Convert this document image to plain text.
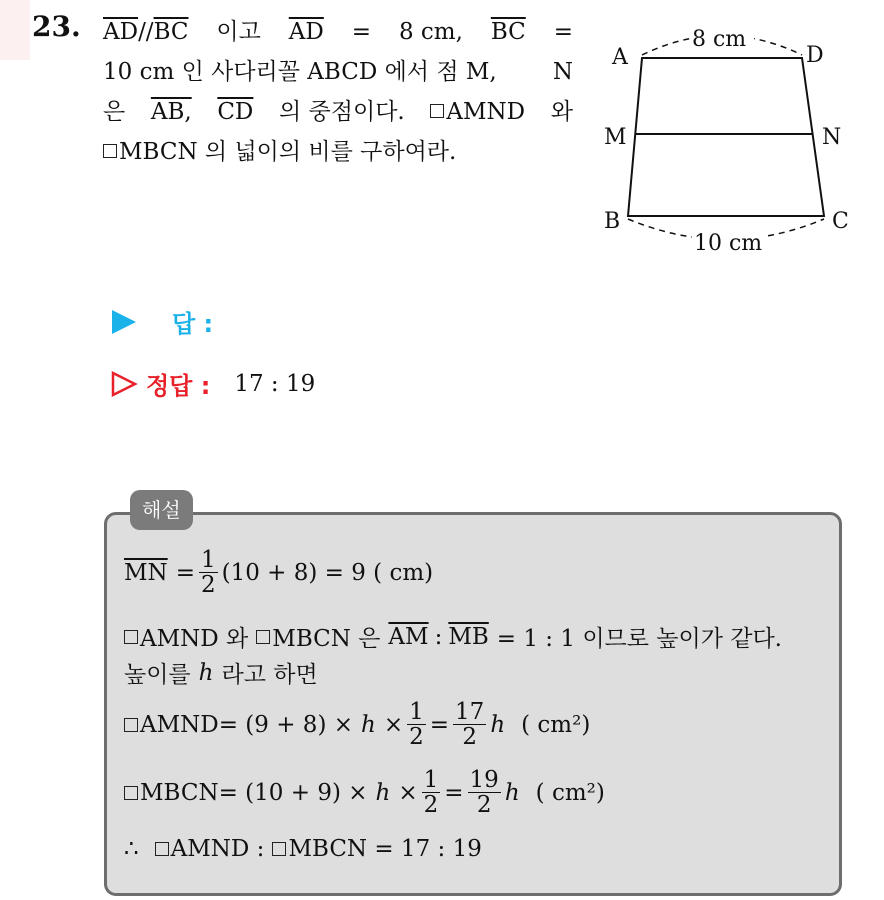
23. $\overline{AD}//\overline{BC}$ 이고 $\overline{AD} = 8$ cm, $\overline{BC}$ =
10 cm 인 사다리꼴 ABCD 에서 점 M, N
은 AB, $\overline{CD}$ 의 중점이다.	AMND 와
MBCN 의 넓이의 비를 구하여라.
8 cm
10 cm
A	D
M	N
B	C
답 :
정답 : 17 : 19
해설
$\overline{MN} = \frac{1}{2} (10 + 8) = 9$ ( cm)
AMND 와 MBCN 은 $\overline{AM}$ : $\overline{MB} = 1$ : 1 이므로 높이가 같다.
높이를 h 라고 하면
AMND= $(9 + 8) \times h \times \frac{1}{2} = \frac{17}{2}$ h ( cm²)
MBCN= $(10 + 9) \times h \times \frac{1}{2} = \frac{19}{2}$ h ( cm²)
∴ AMND : MBCN = 17 : 19
